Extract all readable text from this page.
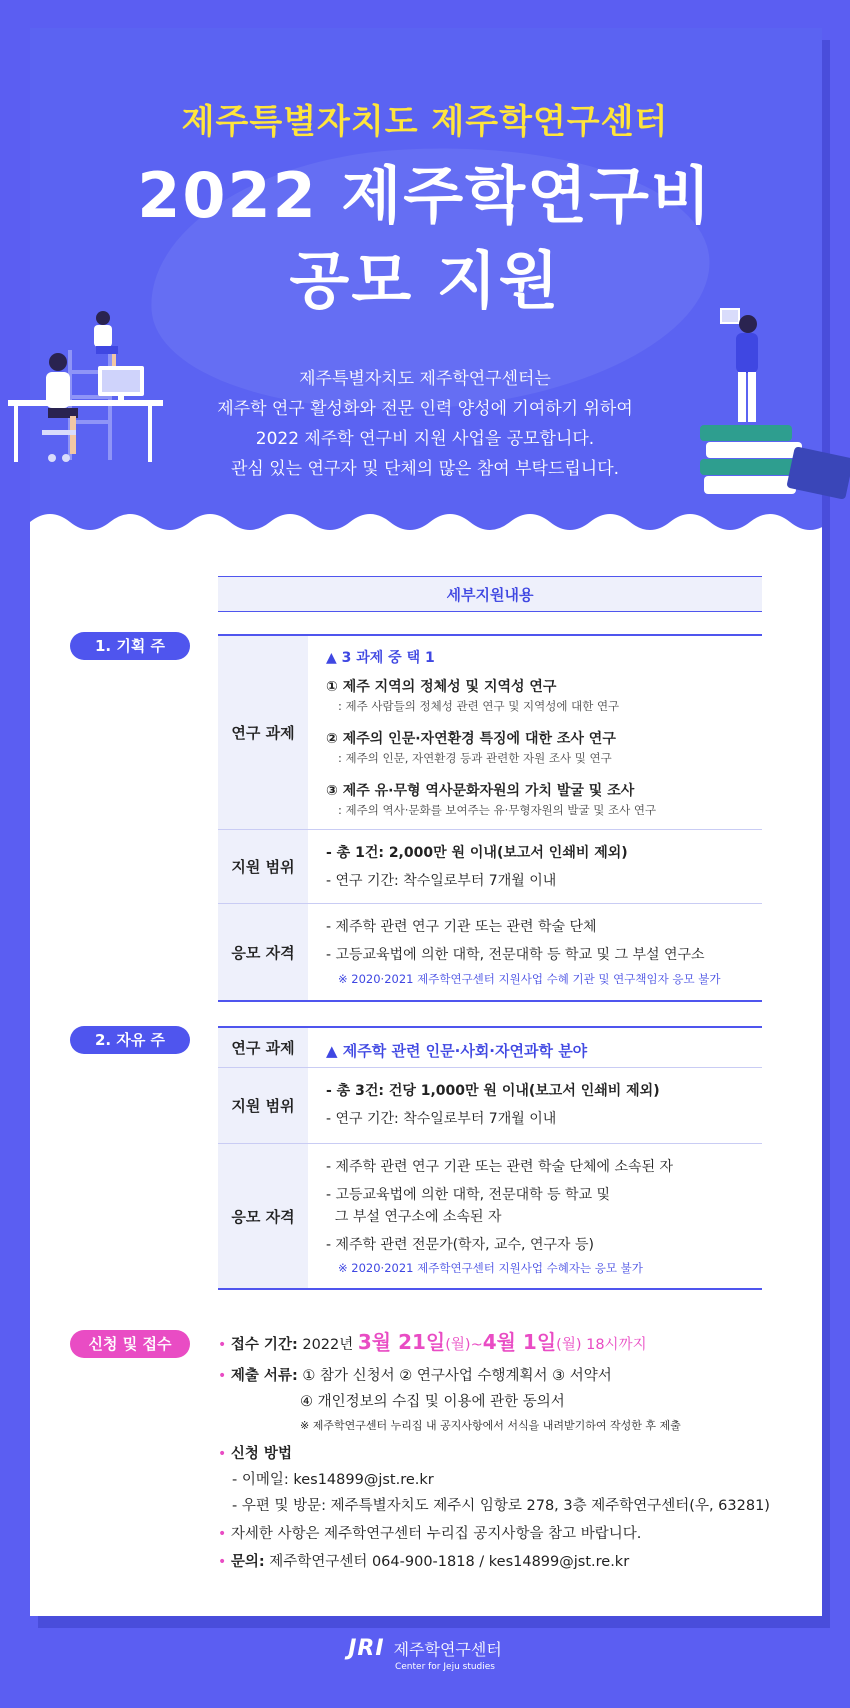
제주특별자치도 제주학연구센터
2022 제주학연구비
공모 지원
제주특별자치도 제주학연구센터는
제주학 연구 활성화와 전문 인력 양성에 기여하기 위하여
2022 제주학 연구비 지원 사업을 공모합니다.
관심 있는 연구자 및 단체의 많은 참여 부탁드립니다.
세부지원내용
1. 기획 주제
연구 과제
▲ 3 과제 중 택 1
① 제주 지역의 정체성 및 지역성 연구
: 제주 사람들의 정체성 관련 연구 및 지역성에 대한 연구
② 제주의 인문·자연환경 특징에 대한 조사 연구
: 제주의 인문, 자연환경 등과 관련한 자원 조사 및 연구
③ 제주 유·무형 역사문화자원의 가치 발굴 및 조사
: 제주의 역사·문화를 보여주는 유·무형자원의 발굴 및 조사 연구
지원 범위
- 총 1건: 2,000만 원 이내(보고서 인쇄비 제외)
- 연구 기간: 착수일로부터 7개월 이내
응모 자격
- 제주학 관련 연구 기관 또는 관련 학술 단체
- 고등교육법에 의한 대학, 전문대학 등 학교 및 그 부설 연구소
※ 2020·2021 제주학연구센터 지원사업 수혜 기관 및 연구책임자 응모 불가
2. 자유 주제
연구 과제	▲ 제주학 관련 인문·사회·자연과학 분야
지원 범위
- 총 3건: 건당 1,000만 원 이내(보고서 인쇄비 제외)
- 연구 기간: 착수일로부터 7개월 이내
응모 자격
- 제주학 관련 연구 기관 또는 관련 학술 단체에 소속된 자
- 고등교육법에 의한 대학, 전문대학 등 학교 및
그 부설 연구소에 소속된 자
- 제주학 관련 전문가(학자, 교수, 연구자 등)
※ 2020·2021 제주학연구센터 지원사업 수혜자는 응모 불가
신청 및 접수	• 접수 기간: 2022년 3월 21일(월)~4월 1일(월) 18시까지
• 제출 서류: ① 참가 신청서 ② 연구사업 수행계획서 ③ 서약서
④ 개인정보의 수집 및 이용에 관한 동의서
※ 제주학연구센터 누리집 내 공지사항에서 서식을 내려받기하여 작성한 후 제출
• 신청 방법
- 이메일: kes14899@jst.re.kr
- 우편 및 방문: 제주특별자치도 제주시 임항로 278, 3층 제주학연구센터(우, 63281)
• 자세한 사항은 제주학연구센터 누리집 공지사항을 참고 바랍니다.
• 문의: 제주학연구센터 064-900-1818 / kes14899@jst.re.kr
JRI 제주학연구센터
Center for Jeju studies
